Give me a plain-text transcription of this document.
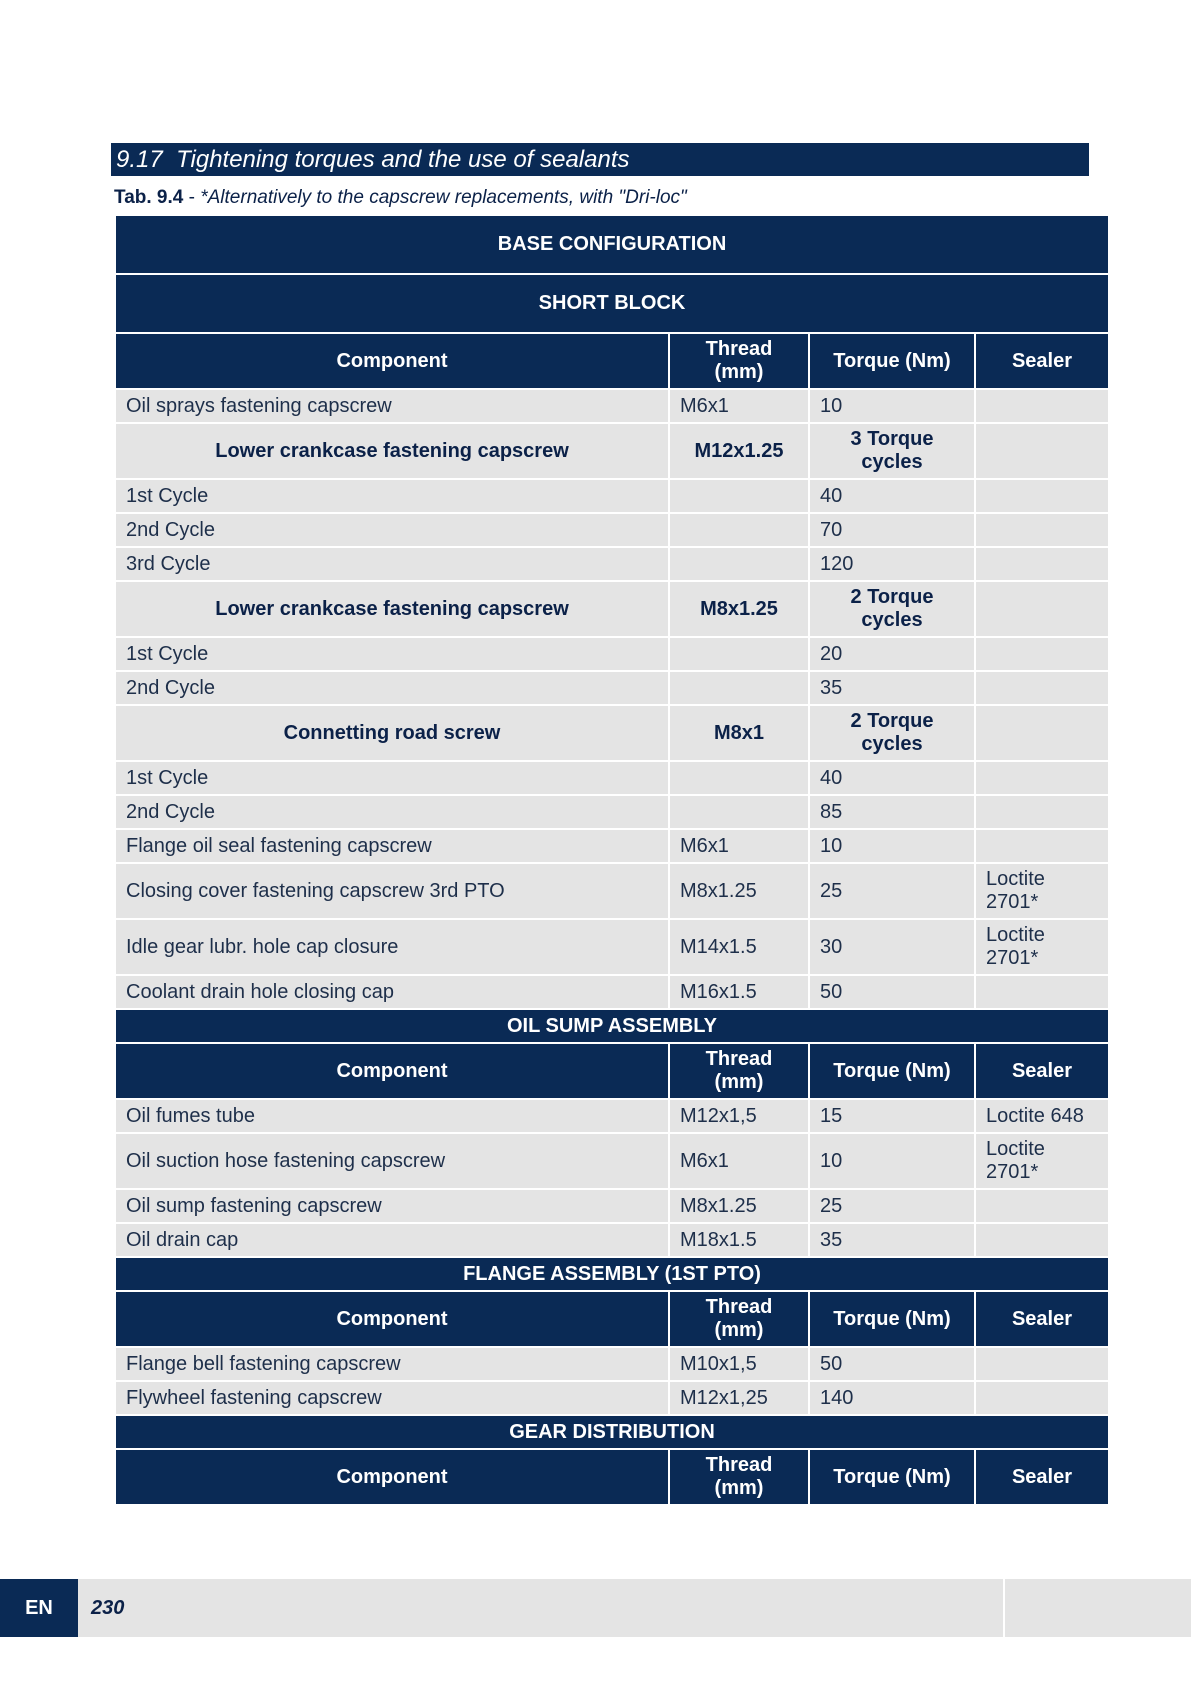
9.17 Tightening torques and the use of sealants
Tab. 9.4 - *Alternatively to the capscrew replacements, with "Dri-loc"
BASE CONFIGURATION			
SHORT BLOCK			
Component	Thread (mm)	Torque (Nm)	Sealer
Oil sprays fastening capscrew	M6x1	10	
Lower crankcase fastening capscrew	M12x1.25	3 Torque cycles	
1st Cycle		40	
2nd Cycle		70	
3rd Cycle		120	
Lower crankcase fastening capscrew	M8x1.25	2 Torque cycles	
1st Cycle		20	
2nd Cycle		35	
Connetting road screw	M8x1	2 Torque cycles	
1st Cycle		40	
2nd Cycle		85	
Flange oil seal fastening capscrew	M6x1	10	
Closing cover fastening capscrew 3rd PTO	M8x1.25	25	Loctite 2701*
Idle gear lubr. hole cap closure	M14x1.5	30	Loctite 2701*
Coolant drain hole closing cap	M16x1.5	50	
OIL SUMP ASSEMBLY			
Component	Thread (mm)	Torque (Nm)	Sealer
Oil fumes tube	M12x1,5	15	Loctite 648
Oil suction hose fastening capscrew	M6x1	10	Loctite 2701*
Oil sump fastening capscrew	M8x1.25	25	
Oil drain cap	M18x1.5	35	
FLANGE ASSEMBLY (1ST PTO)			
Component	Thread (mm)	Torque (Nm)	Sealer
Flange bell fastening capscrew	M10x1,5	50	
Flywheel fastening capscrew	M12x1,25	140	
GEAR DISTRIBUTION			
Component	Thread (mm)	Torque (Nm)	Sealer
EN	230
